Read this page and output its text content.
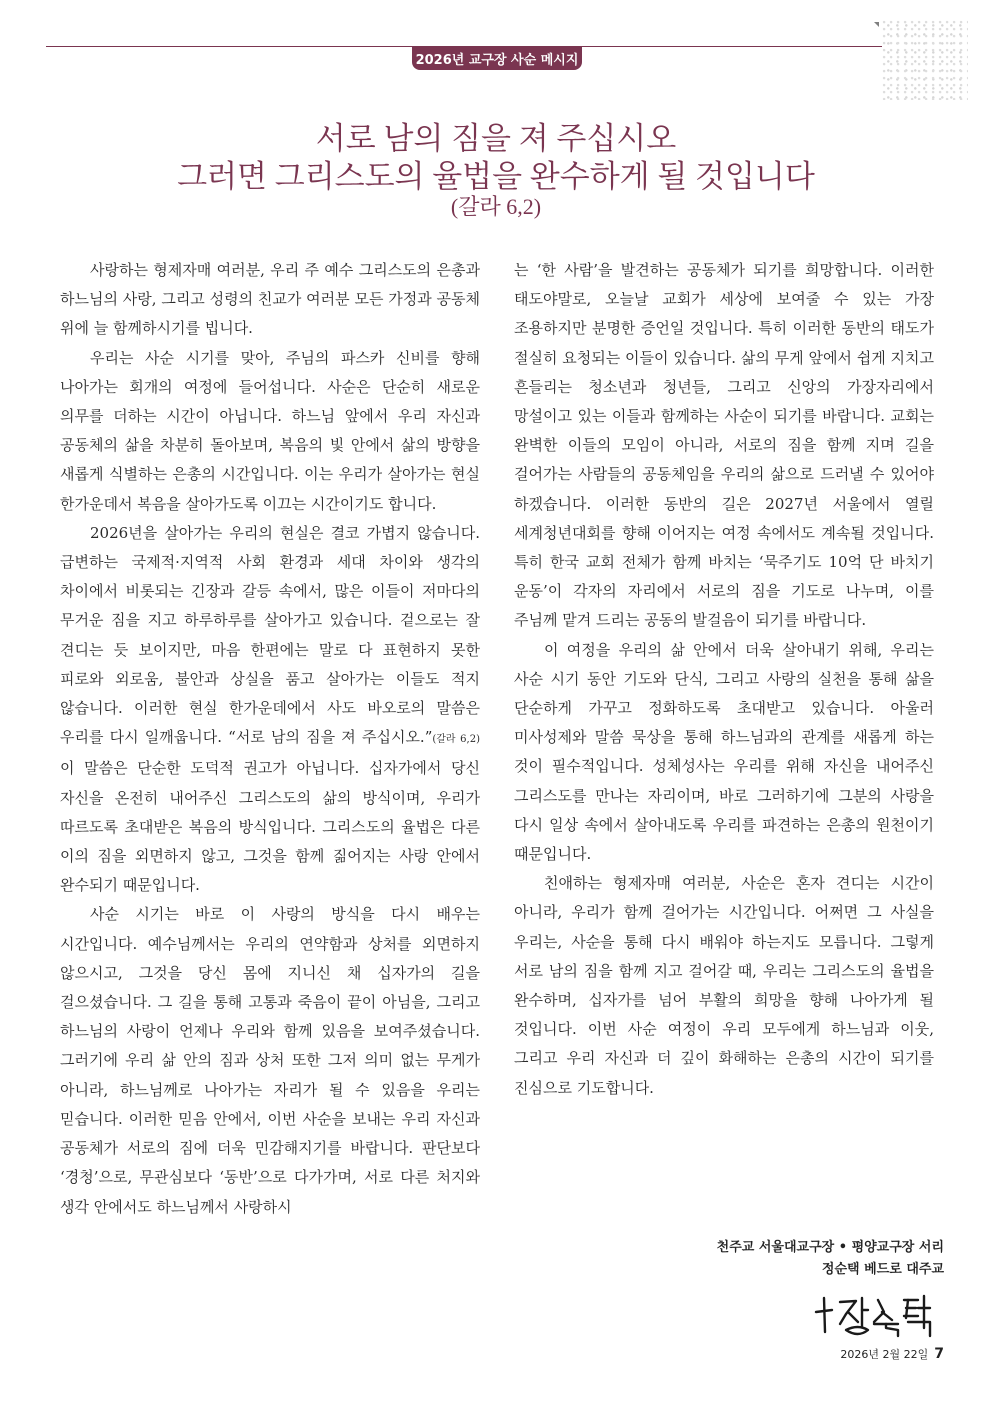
2026년 교구장 사순 메시지
서로 남의 짐을 져 주십시오
그러면 그리스도의 율법을 완수하게 될 것입니다
(갈라 6,2)

사랑하는 형제자매 여러분, 우리 주 예수 그리스도의 은총과 하느님의 사랑, 그리고 성령의 친교가 여러분 모든 가정과 공동체 위에 늘 함께하시기를 빕니다.

우리는 사순 시기를 맞아, 주님의 파스카 신비를 향해 나아가는 회개의 여정에 들어섭니다. 사순은 단순히 새로운 의무를 더하는 시간이 아닙니다. 하느님 앞에서 우리 자신과 공동체의 삶을 차분히 돌아보며, 복음의 빛 안에서 삶의 방향을 새롭게 식별하는 은총의 시간입니다. 이는 우리가 살아가는 현실 한가운데서 복음을 살아가도록 이끄는 시간이기도 합니다.

2026년을 살아가는 우리의 현실은 결코 가볍지 않습니다. 급변하는 국제적·지역적 사회 환경과 세대 차이와 생각의 차이에서 비롯되는 긴장과 갈등 속에서, 많은 이들이 저마다의 무거운 짐을 지고 하루하루를 살아가고 있습니다. 겉으로는 잘 견디는 듯 보이지만, 마음 한편에는 말로 다 표현하지 못한 피로와 외로움, 불안과 상실을 품고 살아가는 이들도 적지 않습니다. 이러한 현실 한가운데에서 사도 바오로의 말씀은 우리를 다시 일깨웁니다. “서로 남의 짐을 져 주십시오.”(갈라 6,2) 이 말씀은 단순한 도덕적 권고가 아닙니다. 십자가에서 당신 자신을 온전히 내어주신 그리스도의 삶의 방식이며, 우리가 따르도록 초대받은 복음의 방식입니다. 그리스도의 율법은 다른 이의 짐을 외면하지 않고, 그것을 함께 짊어지는 사랑 안에서 완수되기 때문입니다.

사순 시기는 바로 이 사랑의 방식을 다시 배우는 시간입니다. 예수님께서는 우리의 연약함과 상처를 외면하지 않으시고, 그것을 당신 몸에 지니신 채 십자가의 길을 걸으셨습니다. 그 길을 통해 고통과 죽음이 끝이 아님을, 그리고 하느님의 사랑이 언제나 우리와 함께 있음을 보여주셨습니다. 그러기에 우리 삶 안의 짐과 상처 또한 그저 의미 없는 무게가 아니라, 하느님께로 나아가는 자리가 될 수 있음을 우리는 믿습니다. 이러한 믿음 안에서, 이번 사순을 보내는 우리 자신과 공동체가 서로의 짐에 더욱 민감해지기를 바랍니다. 판단보다 ‘경청’으로, 무관심보다 ‘동반’으로 다가가며, 서로 다른 처지와 생각 안에서도 하느님께서 사랑하시

는 ‘한 사람’을 발견하는 공동체가 되기를 희망합니다. 이러한 태도야말로, 오늘날 교회가 세상에 보여줄 수 있는 가장 조용하지만 분명한 증언일 것입니다. 특히 이러한 동반의 태도가 절실히 요청되는 이들이 있습니다. 삶의 무게 앞에서 쉽게 지치고 흔들리는 청소년과 청년들, 그리고 신앙의 가장자리에서 망설이고 있는 이들과 함께하는 사순이 되기를 바랍니다. 교회는 완벽한 이들의 모임이 아니라, 서로의 짐을 함께 지며 길을 걸어가는 사람들의 공동체임을 우리의 삶으로 드러낼 수 있어야 하겠습니다. 이러한 동반의 길은 2027년 서울에서 열릴 세계청년대회를 향해 이어지는 여정 속에서도 계속될 것입니다. 특히 한국 교회 전체가 함께 바치는 ‘묵주기도 10억 단 바치기 운동’이 각자의 자리에서 서로의 짐을 기도로 나누며, 이를 주님께 맡겨 드리는 공동의 발걸음이 되기를 바랍니다.

이 여정을 우리의 삶 안에서 더욱 살아내기 위해, 우리는 사순 시기 동안 기도와 단식, 그리고 사랑의 실천을 통해 삶을 단순하게 가꾸고 정화하도록 초대받고 있습니다. 아울러 미사성제와 말씀 묵상을 통해 하느님과의 관계를 새롭게 하는 것이 필수적입니다. 성체성사는 우리를 위해 자신을 내어주신 그리스도를 만나는 자리이며, 바로 그러하기에 그분의 사랑을 다시 일상 속에서 살아내도록 우리를 파견하는 은총의 원천이기 때문입니다.

친애하는 형제자매 여러분, 사순은 혼자 견디는 시간이 아니라, 우리가 함께 걸어가는 시간입니다. 어쩌면 그 사실을 우리는, 사순을 통해 다시 배워야 하는지도 모릅니다. 그렇게 서로 남의 짐을 함께 지고 걸어갈 때, 우리는 그리스도의 율법을 완수하며, 십자가를 넘어 부활의 희망을 향해 나아가게 될 것입니다. 이번 사순 여정이 우리 모두에게 하느님과 이웃, 그리고 우리 자신과 더 깊이 화해하는 은총의 시간이 되기를 진심으로 기도합니다.

천주교 서울대교구장 • 평양교구장 서리
정순택 베드로 대주교
2026년 2월 22일 7
